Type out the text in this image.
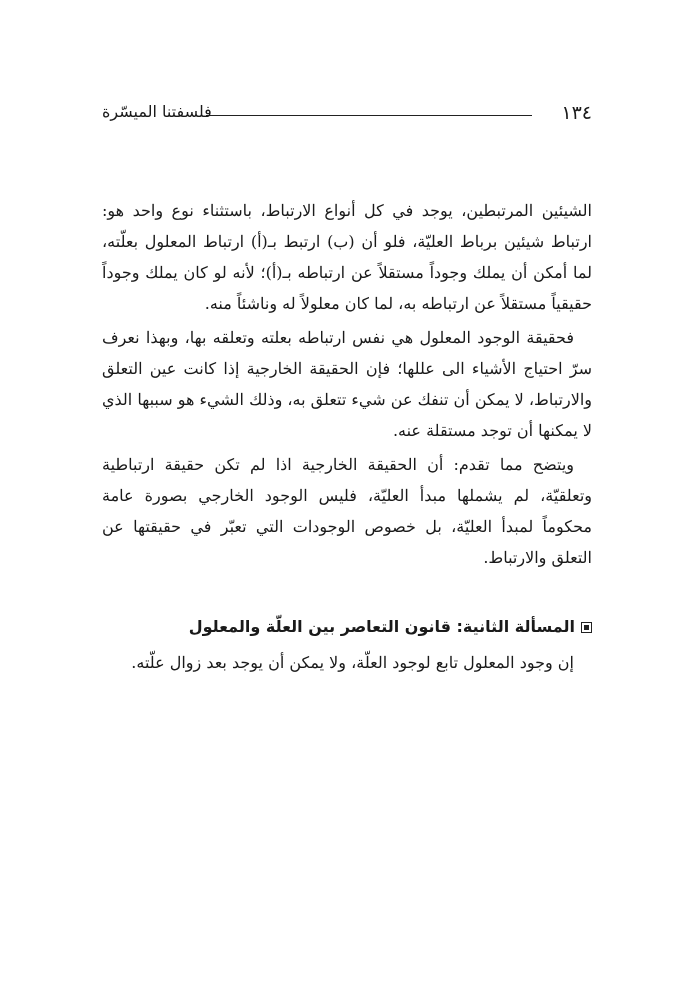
١٣٤
فلسفتنا الميسّرة

الشيئين المرتبطين، يوجد في كل أنواع الارتباط، باستثناء نوع واحد هو: ارتباط شيئين برباط العليّة، فلو أن (ب) ارتبط بـ(أ) ارتباط المعلول بعلّته، لما أمكن أن يملك وجوداً مستقلاً عن ارتباطه بـ(أ)؛ لأنه لو كان يملك وجوداً حقيقياً مستقلاً عن ارتباطه به، لما كان معلولاً له وناشئاً منه.

فحقيقة الوجود المعلول هي نفس ارتباطه بعلته وتعلقه بها، وبهذا نعرف سرّ احتياج الأشياء الى عللها؛ فإن الحقيقة الخارجية إذا كانت عين التعلق والارتباط، لا يمكن أن تنفك عن شيء تتعلق به، وذلك الشيء هو سببها الذي لا يمكنها أن توجد مستقلة عنه.

ويتضح مما تقدم: أن الحقيقة الخارجية اذا لم تكن حقيقة ارتباطية وتعلقيّة، لم يشملها مبدأ العليّة، فليس الوجود الخارجي بصورة عامة محكوماً لمبدأ العليّة، بل خصوص الوجودات التي تعبّر في حقيقتها عن التعلق والارتباط.

المسألة الثانية: قانون التعاصر بين العلّة والمعلول

إن وجود المعلول تابع لوجود العلّة، ولا يمكن أن يوجد بعد زوال علّته.
